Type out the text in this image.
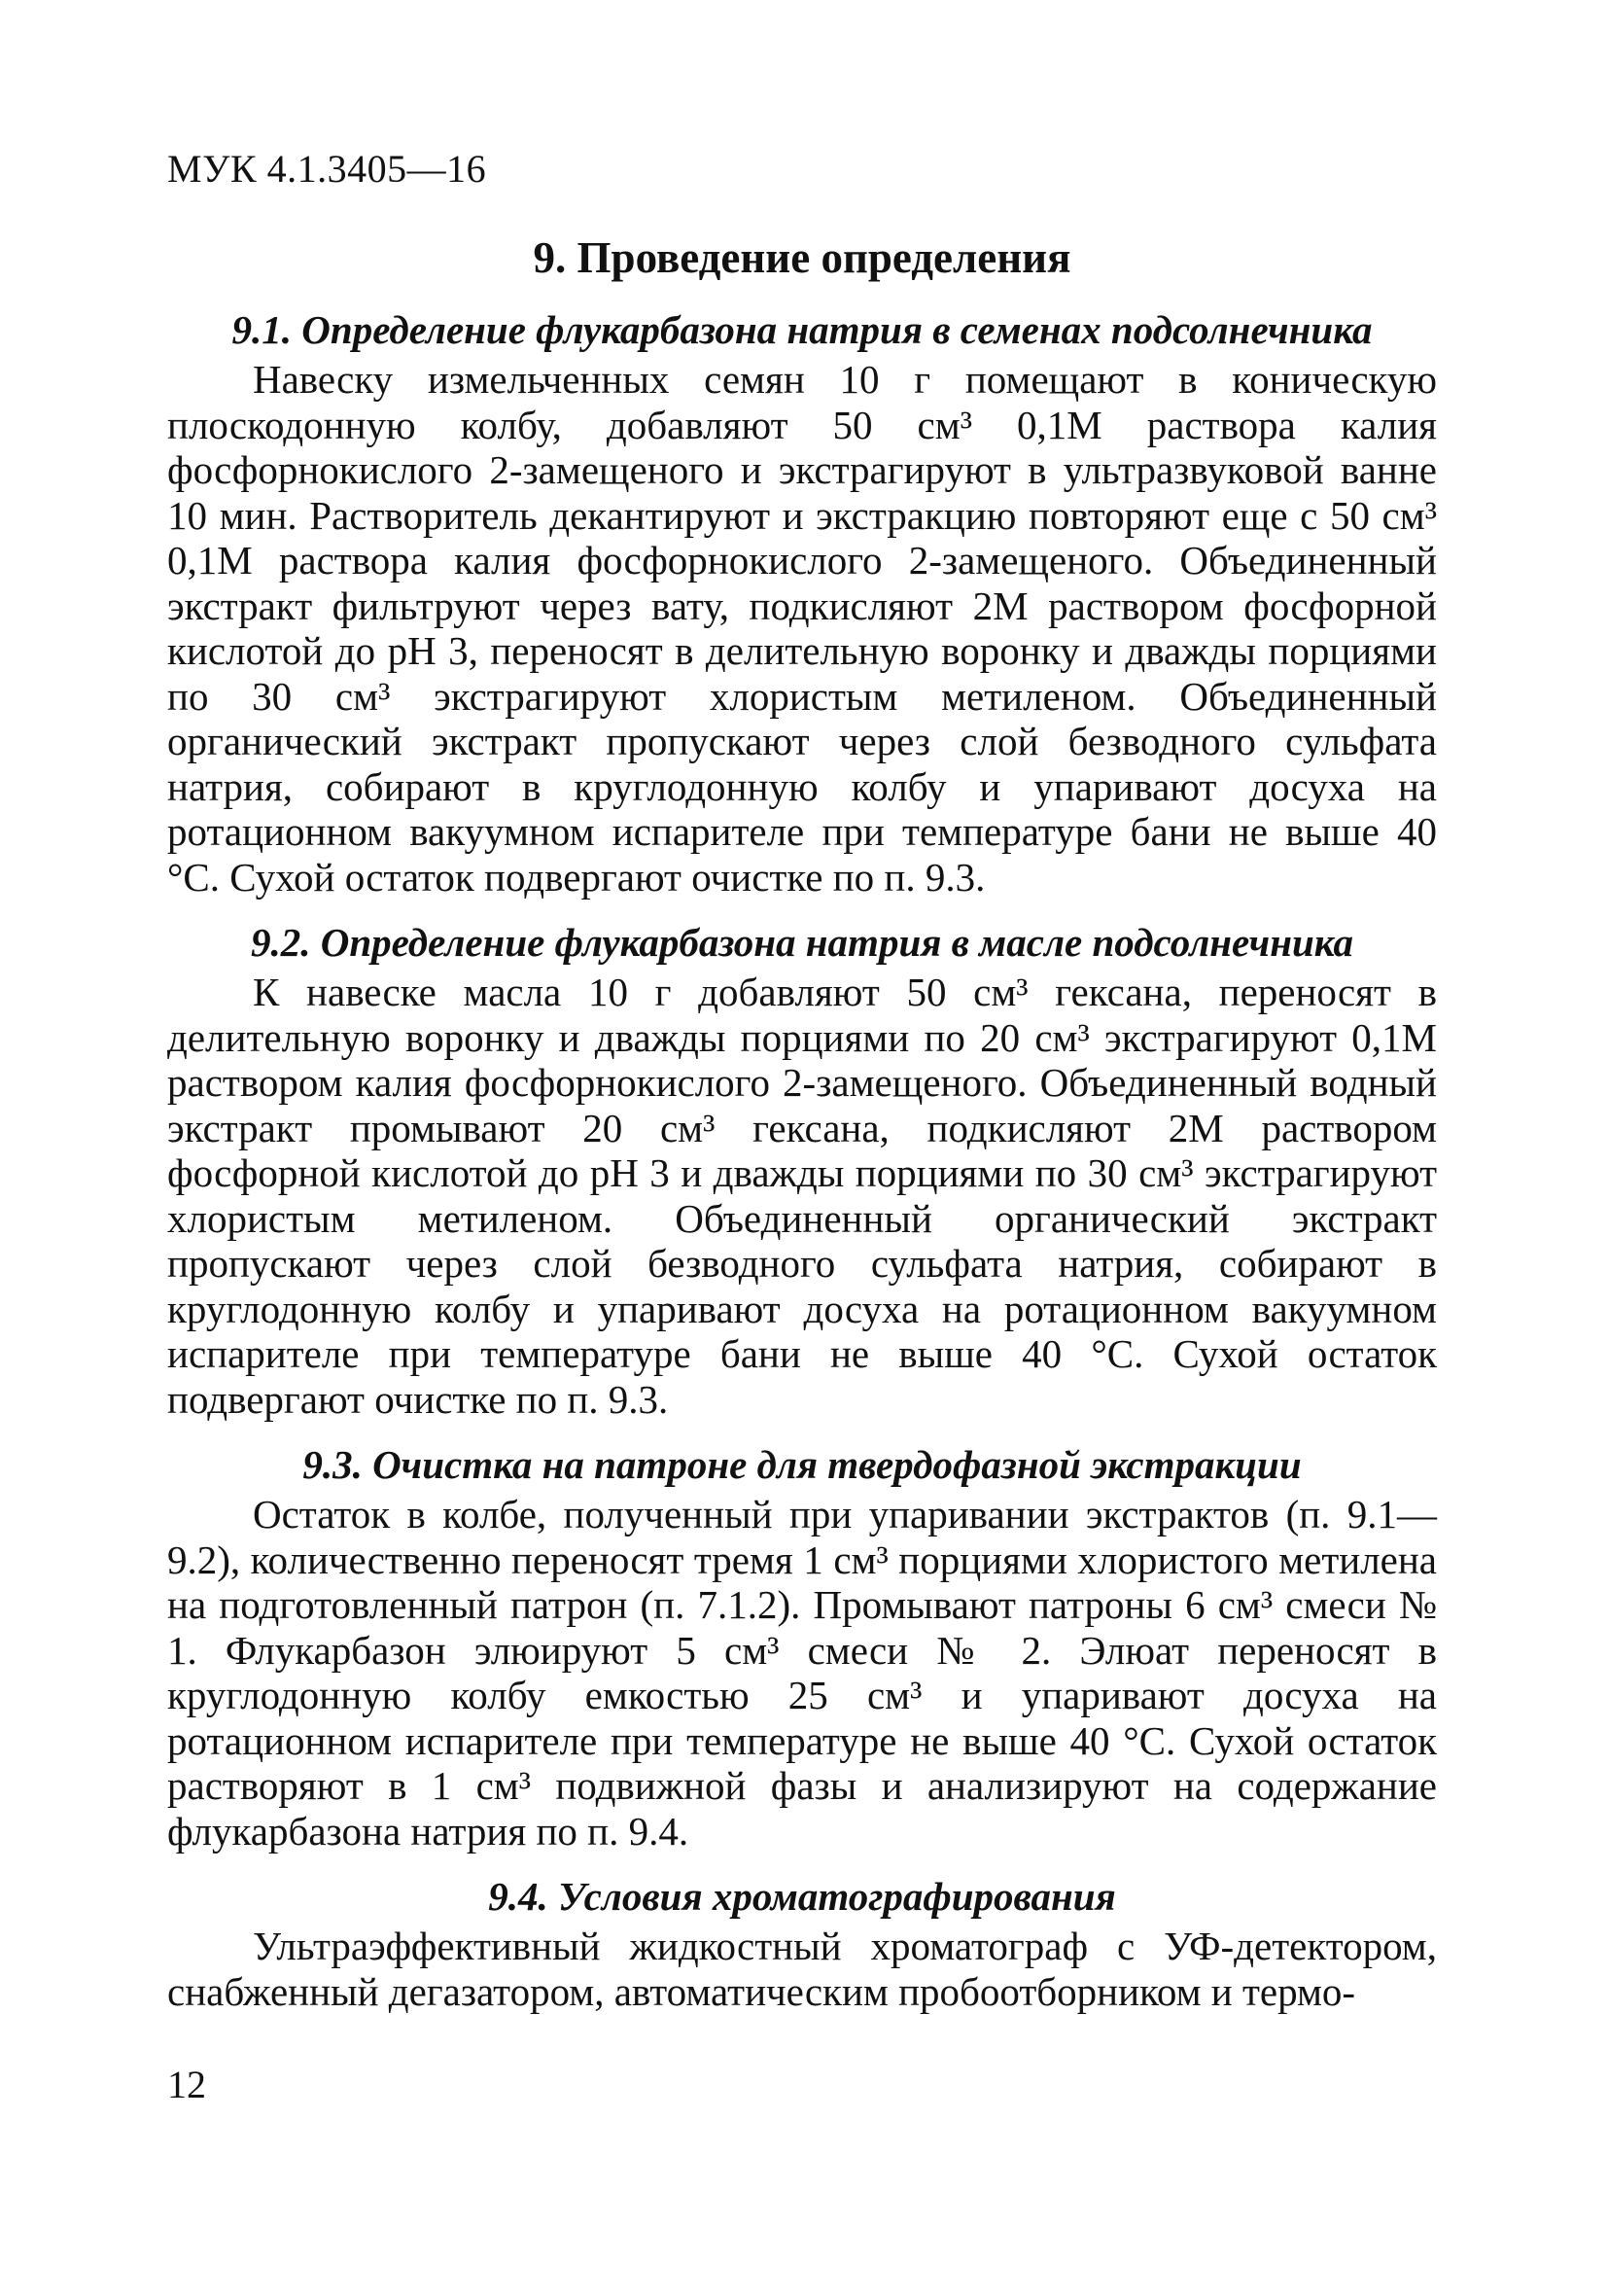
МУК 4.1.3405—16

9. Проведение определения
9.1. Определение флукарбазона натрия в семенах подсолнечника

Навеску измельченных семян 10 г помещают в коническую плоскодонную колбу, добавляют 50 см³ 0,1М раствора калия фосфорнокислого 2-замещеного и экстрагируют в ультразвуковой ванне 10 мин. Растворитель декантируют и экстракцию повторяют еще с 50 см³ 0,1М раствора калия фосфорнокислого 2-замещеного. Объединенный экстракт фильтруют через вату, подкисляют 2М раствором фосфорной кислотой до рН 3, переносят в делительную воронку и дважды порциями по 30 см³ экстрагируют хлористым метиленом. Объединенный органический экстракт пропускают через слой безводного сульфата натрия, собирают в круглодонную колбу и упаривают досуха на ротационном вакуумном испарителе при температуре бани не выше 40 °С. Сухой остаток подвергают очистке по п. 9.3.

9.2. Определение флукарбазона натрия в масле подсолнечника

К навеске масла 10 г добавляют 50 см³ гексана, переносят в делительную воронку и дважды порциями по 20 см³ экстрагируют 0,1М раствором калия фосфорнокислого 2-замещеного. Объединенный водный экстракт промывают 20 см³ гексана, подкисляют 2М раствором фосфорной кислотой до рН 3 и дважды порциями по 30 см³ экстрагируют хлористым метиленом. Объединенный органический экстракт пропускают через слой безводного сульфата натрия, собирают в круглодонную колбу и упаривают досуха на ротационном вакуумном испарителе при температуре бани не выше 40 °С. Сухой остаток подвергают очистке по п. 9.3.

9.3. Очистка на патроне для твердофазной экстракции

Остаток в колбе, полученный при упаривании экстрактов (п. 9.1—9.2), количественно переносят тремя 1 см³ порциями хлористого метилена на подготовленный патрон (п. 7.1.2). Промывают патроны 6 см³ смеси № 1. Флукарбазон элюируют 5 см³ смеси № 2. Элюат переносят в круглодонную колбу емкостью 25 см³ и упаривают досуха на ротационном испарителе при температуре не выше 40 °С. Сухой остаток растворяют в 1 см³ подвижной фазы и анализируют на содержание флукарбазона натрия по п. 9.4.

9.4. Условия хроматографирования

Ультраэффективный жидкостный хроматограф с УФ-детектором, снабженный дегазатором, автоматическим пробоотборником и термо-

12
